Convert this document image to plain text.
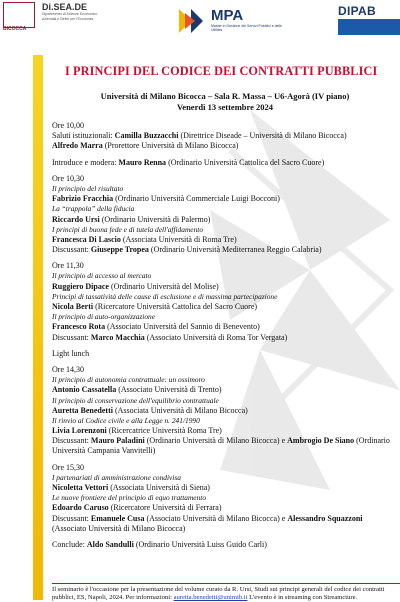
BICOCCA
Di.SEA.DE
Dipartimento di Scienze Economico Aziendali e Diritto per l'Economia	MPA
Master in Gestione dei Servizi Pubblici e delle Utilities
DIPAB
I PRINCIPI DEL CODICE DEI CONTRATTI PUBBLICI
Università di Milano Bicocca – Sala R. Massa – U6-Agorà (IV piano)
Venerdì 13 settembre 2024
Ore 10,00
Saluti istituzionali: Camilla Buzzacchi (Direttrice Diseade – Università di Milano Bicocca)
Alfredo Marra (Prorettore Università di Milano Bicocca)
Introduce e modera: Mauro Renna (Ordinario Università Cattolica del Sacro Cuore)
Ore 10,30
Il principio del risultato
Fabrizio Fracchia (Ordinario Università Commerciale Luigi Bocconi)
La “trappola” della fiducia
Riccardo Ursi (Ordinario Università di Palermo)
I principi di buona fede e di tutela dell'affidamento
Francesca Di Lascio (Associata Università di Roma Tre)
Discussant: Giuseppe Tropea (Ordinario Università Mediterranea Reggio Calabria)
Ore 11,30
Il principio di accesso al mercato
Ruggiero Dipace (Ordinario Università del Molise)
Principi di tassatività delle cause di esclusione e di massima partecipazione
Nicola Berti (Ricercatore Università Cattolica del Sacro Cuore)
Il principio di auto-organizzazione
Francesco Rota (Associato Università del Sannio di Benevento)
Discussant: Marco Macchia (Associato Università di Roma Tor Vergata)
Light lunch
Ore 14,30
Il principio di autonomia contrattuale: un ossimoro
Antonio Cassatella (Associato Università di Trento)
Il principio di conservazione dell'equilibrio contrattuale
Auretta Benedetti (Associata Università di Milano Bicocca)
Il rinvio al Codice civile e alla Legge n. 241/1990
Livia Lorenzoni (Ricercatrice Università Roma Tre)
Discussant: Mauro Paladini (Ordinario Università di Milano Bicocca) e Ambrogio De Siano (Ordinario
Università Campania Vanvitelli)
Ore 15,30
I partenariati di amministrazione condivisa
Nicoletta Vettori (Associata Università di Siena)
Le nuove frontiere del principio di equo trattamento
Edoardo Caruso (Ricercatore Università di Ferrara)
Discussant: Emanuele Cusa (Associato Università di Milano Bicocca) e Alessandro Squazzoni
(Associato Università di Milano Bicocca)
Conclude: Aldo Sandulli (Ordinario Università Luiss Guido Carli)
Il seminario è l'occasione per la presentazione del volume curato da R. Ursi, Studi sui principi generali del codice dei contratti
pubblici, ES, Napoli, 2024. Per informazioni: auretta.benedetti@unimib.it L'evento è in streaming con Streamcture.
